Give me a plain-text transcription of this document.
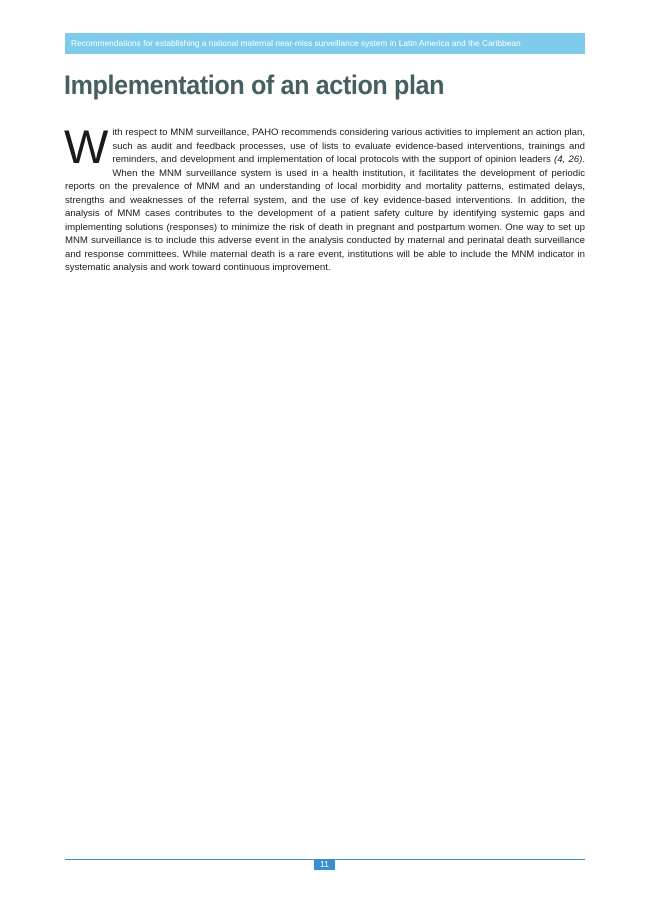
Recommendations for establishing a national maternal near-miss surveillance system in Latin America and the Caribbean
Implementation of an action plan

With respect to MNM surveillance, PAHO recommends considering various activities to implement an action plan, such as audit and feedback processes, use of lists to evaluate evidence-based interventions, trainings and reminders, and development and implementation of local protocols with the support of opinion leaders (4, 26). When the MNM surveillance system is used in a health institution, it facilitates the development of periodic reports on the prevalence of MNM and an understanding of local morbidity and mortality patterns, estimated delays, strengths and weaknesses of the referral system, and the use of key evidence-based interventions. In addition, the analysis of MNM cases contributes to the development of a patient safety culture by identifying systemic gaps and implementing solutions (responses) to minimize the risk of death in pregnant and postpartum women. One way to set up MNM surveillance is to include this adverse event in the analysis conducted by maternal and perinatal death surveillance and response committees. While maternal death is a rare event, institutions will be able to include the MNM indicator in systematic analysis and work toward continuous improvement.

11
